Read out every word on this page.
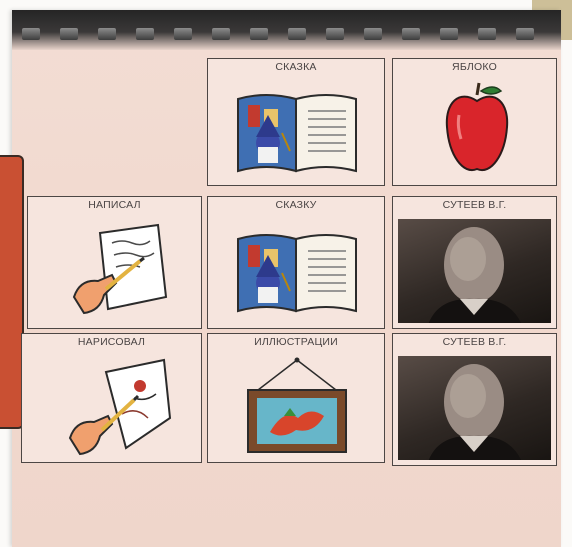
СКАЗКА	ЯБЛОКО
НАПИСАЛ	СКАЗКУ	СУТЕЕВ В.Г.
НАРИСОВАЛ	ИЛЛЮСТРАЦИИ	СУТЕЕВ В.Г.
